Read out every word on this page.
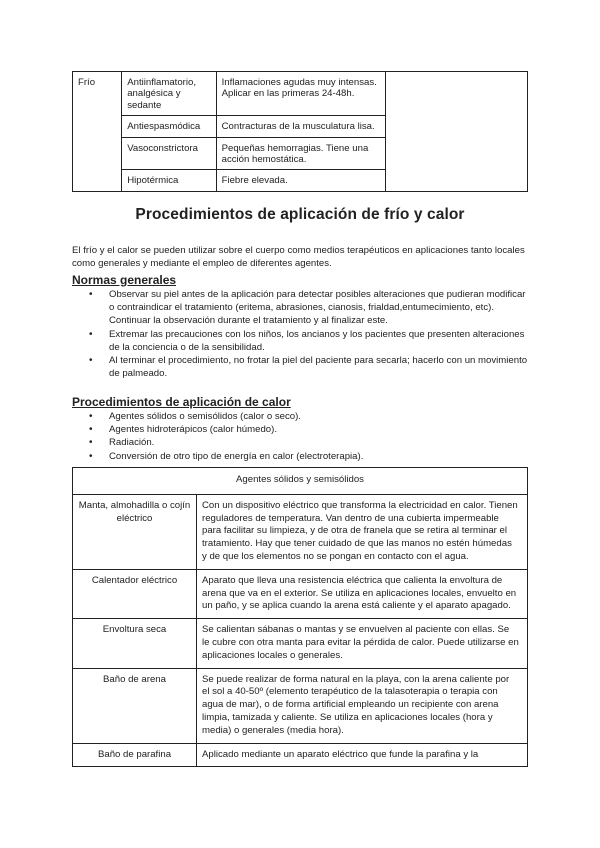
Frío	Antiinflamatorio, analgésica y sedante	Inflamaciones agudas muy intensas. Aplicar en las primeras 24-48h.	
	Antiespasmódica	Contracturas de la musculatura lisa.	
	Vasoconstrictora	Pequeñas hemorragias. Tiene una acción hemostática.	
	Hipotérmica	Fiebre elevada.	
Procedimientos de aplicación de frío y calor

El frío y el calor se pueden utilizar sobre el cuerpo como medios terapéuticos en aplicaciones tanto locales como generales y mediante el empleo de diferentes agentes.

Normas generales
• Observar su piel antes de la aplicación para detectar posibles alteraciones que pudieran modificar o contraindicar el tratamiento (eritema, abrasiones, cianosis, frialdad,entumecimiento, etc). Continuar la observación durante el tratamiento y al finalizar este.
• Extremar las precauciones con los niños, los ancianos y los pacientes que presenten alteraciones de la conciencia o de la sensibilidad.
• Al terminar el procedimiento, no frotar la piel del paciente para secarla; hacerlo con un movimiento de palmeado.
Procedimientos de aplicación de calor
• Agentes sólidos o semisólidos (calor o seco).
• Agentes hidroterápicos (calor húmedo).
• Radiación.
• Conversión de otro tipo de energía en calor (electroterapia).
Agentes sólidos y semisólidos	
Manta, almohadilla o cojín eléctrico	Con un dispositivo eléctrico que transforma la electricidad en calor. Tienen reguladores de temperatura. Van dentro de una cubierta impermeable para facilitar su limpieza, y de otra de franela que se retira al terminar el tratamiento. Hay que tener cuidado de que las manos no estén húmedas y de que los elementos no se pongan en contacto con el agua.
Calentador eléctrico	Aparato que lleva una resistencia eléctrica que calienta la envoltura de arena que va en el exterior. Se utiliza en aplicaciones locales, envuelto en un paño, y se aplica cuando la arena está caliente y el aparato apagado.
Envoltura seca	Se calientan sábanas o mantas y se envuelven al paciente con ellas. Se le cubre con otra manta para evitar la pérdida de calor. Puede utilizarse en aplicaciones locales o generales.
Baño de arena	Se puede realizar de forma natural en la playa, con la arena caliente por el sol a 40-50º (elemento terapéutico de la talasoterapia o terapia con agua de mar), o de forma artificial empleando un recipiente con arena limpia, tamizada y caliente. Se utiliza en aplicaciones locales (hora y media) o generales (media hora).
Baño de parafina	Aplicado mediante un aparato eléctrico que funde la parafina y la
